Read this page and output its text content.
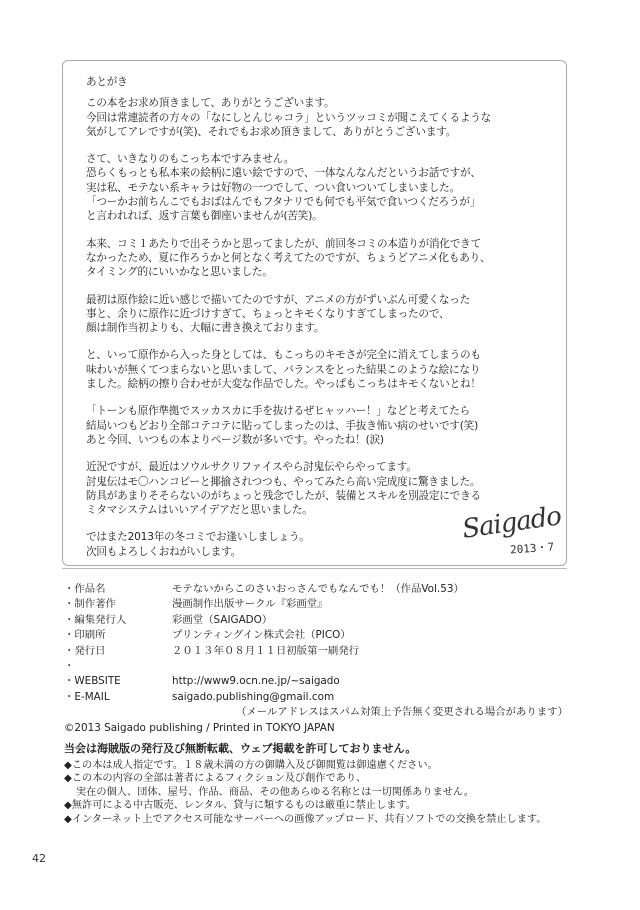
あとがき
この本をお求め頂きまして、ありがとうございます。
今回は常連読者の方々の「なにしとんじゃコラ」というツッコミが聞こえてくるような
気がしてアレですが(笑)、それでもお求め頂きまして、ありがとうございます。
さて、いきなりのもこっち本ですみません。
恐らくもっとも私本来の絵柄に遠い絵ですので、一体なんなんだというお話ですが、
実は私、モテない系キャラは好物の一つでして、つい食いついてしまいました。
「つーかお前ちんこでもおばはんでもフタナリでも何でも平気で食いつくだろうが」
と言われれば、返す言葉も御座いませんが(苦笑)。
本来、コミ１あたりで出そうかと思ってましたが、前回冬コミの本造りが消化できて
なかったため、夏に作ろうかと何となく考えてたのですが、ちょうどアニメ化もあり、
タイミング的にいいかなと思いました。
最初は原作絵に近い感じで描いてたのですが、アニメの方がずいぶん可愛くなった
事と、余りに原作に近づけすぎて、ちょっとキモくなりすぎてしまったので、
顔は制作当初よりも、大幅に書き換えております。
と、いって原作から入った身としては、もこっちのキモさが完全に消えてしまうのも
味わいが無くてつまらないと思いまして、バランスをとった結果このような絵になり
ました。絵柄の擦り合わせが大変な作品でした。やっぱもこっちはキモくないとね！
「トーンも原作準拠でスッカスカに手を抜けるぜヒャッハー！」などと考えてたら
結局いつもどおり全部コテコテに貼ってしまったのは、手抜き怖い病のせいです(笑)
あと今回、いつもの本よりページ数が多いです。やったね！(涙)
近況ですが、最近はソウルサクリファイスやら討鬼伝やらやってます。
討鬼伝はモ〇ハンコピーと揶揄されつつも、やってみたら高い完成度に驚きました。
防具があまりそそらないのがちょっと残念でしたが、装備とスキルを別設定にできる
ミタマシステムはいいアイデアだと思いました。
ではまた2013年の冬コミでお逢いしましょう。
次回もよろしくおねがいします。
Saigado
2013・7
・作品名	モテないからこのさいおっさんでもなんでも！（作品Vol.53）
・制作著作	漫画制作出版サークル『彩画堂』
・編集発行人	彩画堂（SAIGADO）
・印刷所	プリンティングイン株式会社（PICO）
・発行日	２０１３年０８月１１日初版第一刷発行
・
・WEBSITE	http://www9.ocn.ne.jp/~saigado
・E-MAIL	saigado.publishing@gmail.com
（メールアドレスはスパム対策上予告無く変更される場合があります）
©2013 Saigado publishing / Printed in TOKYO JAPAN
当会は海賊版の発行及び無断転載、ウェブ掲載を許可しておりません。
◆この本は成人指定です。１８歳未満の方の御購入及び御閲覧は御遠慮ください。
◆この本の内容の全部は著者によるフィクション及び創作であり、
実在の個人、団体、屋号、作品、商品、その他あらゆる名称とは一切関係ありません。
◆無許可による中古販売、レンタル、貸与に類するものは厳重に禁止します。
◆インターネット上でアクセス可能なサーバーへの画像アップロード、共有ソフトでの交換を禁止します。
42
